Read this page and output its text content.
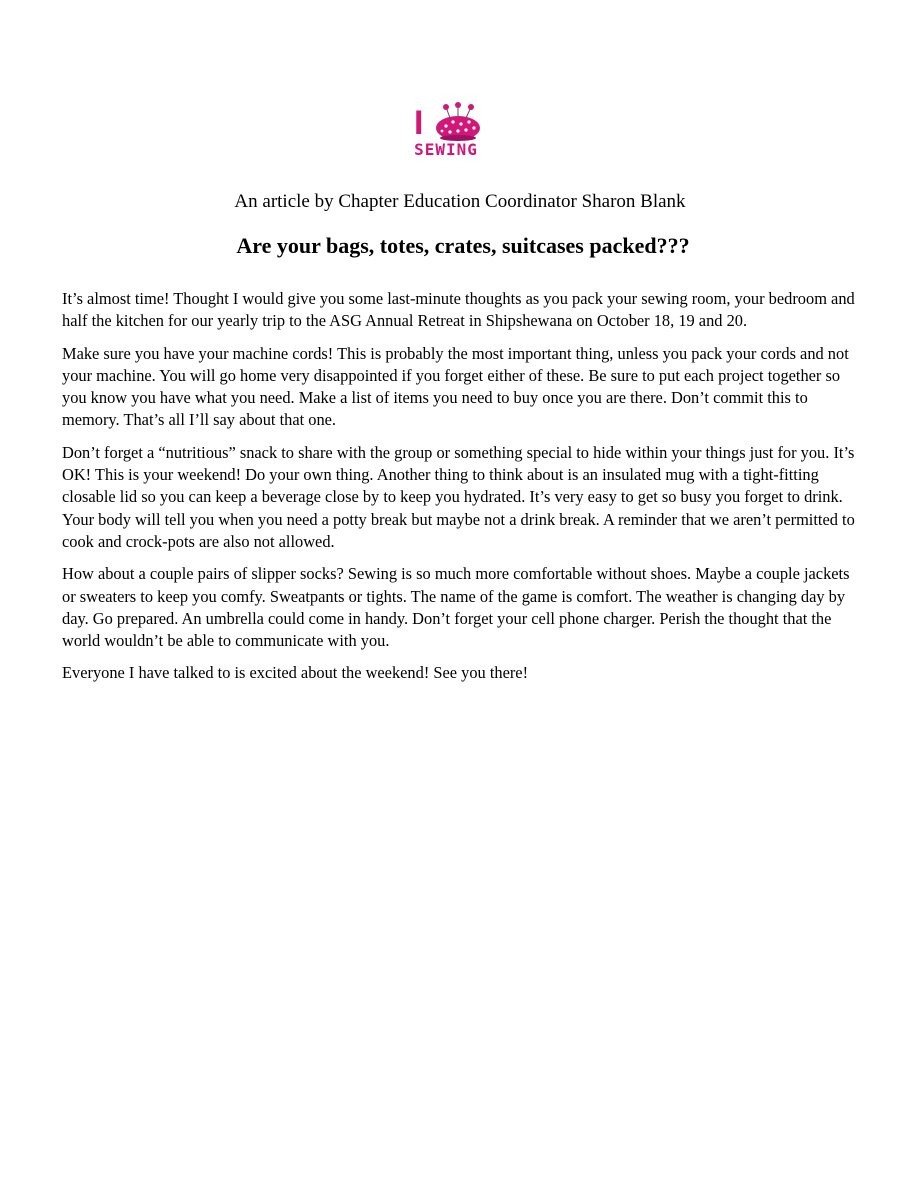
I
SEWING
An article by Chapter Education Coordinator Sharon Blank
Are your bags, totes, crates, suitcases packed???

It’s almost time! Thought I would give you some last-minute thoughts as you pack your sewing room, your bedroom and half the kitchen for our yearly trip to the ASG Annual Retreat in Shipshewana on October 18, 19 and 20.

Make sure you have your machine cords! This is probably the most important thing, unless you pack your cords and not your machine. You will go home very disappointed if you forget either of these. Be sure to put each project together so you know you have what you need. Make a list of items you need to buy once you are there. Don’t commit this to memory. That’s all I’ll say about that one.

Don’t forget a “nutritious” snack to share with the group or something special to hide within your things just for you. It’s OK! This is your weekend! Do your own thing. Another thing to think about is an insulated mug with a tight-fitting closable lid so you can keep a beverage close by to keep you hydrated. It’s very easy to get so busy you forget to drink. Your body will tell you when you need a potty break but maybe not a drink break. A reminder that we aren’t permitted to cook and crock-pots are also not allowed.

How about a couple pairs of slipper socks? Sewing is so much more comfortable without shoes. Maybe a couple jackets or sweaters to keep you comfy. Sweatpants or tights. The name of the game is comfort. The weather is changing day by day. Go prepared. An umbrella could come in handy. Don’t forget your cell phone charger. Perish the thought that the world wouldn’t be able to communicate with you.

Everyone I have talked to is excited about the weekend! See you there!
